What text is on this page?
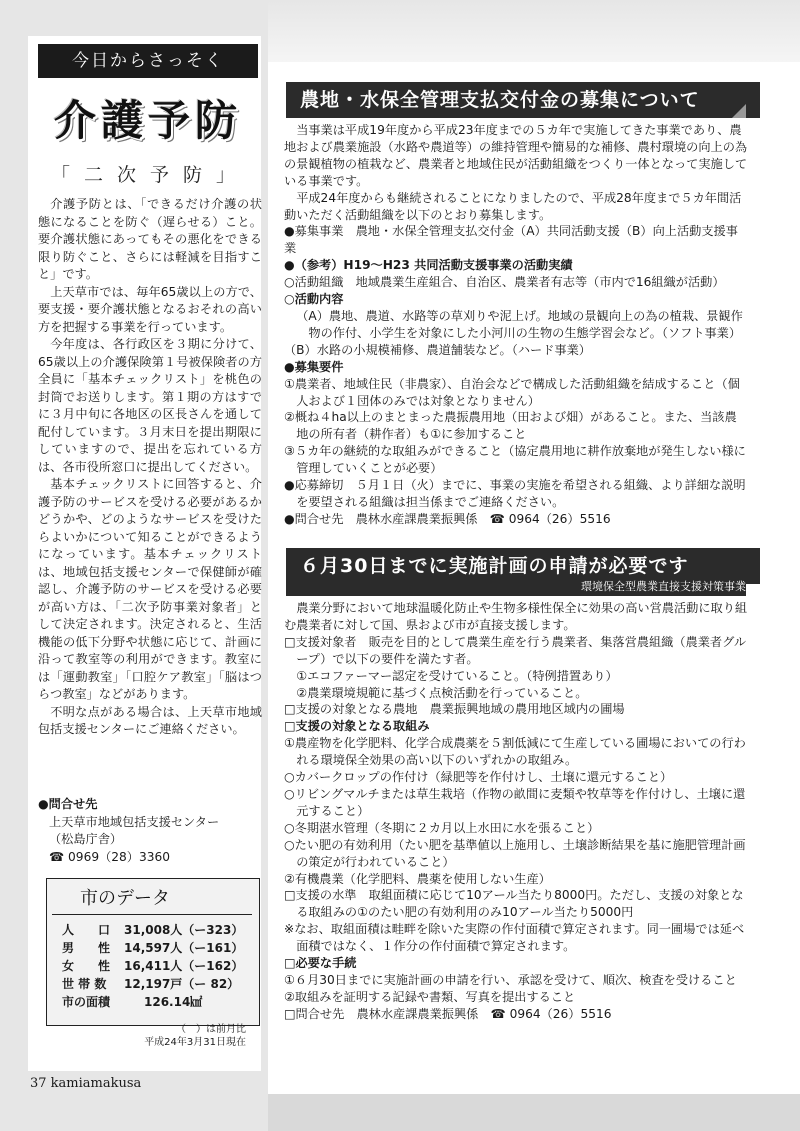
今日からさっそく
介護予防
「二次予防」

介護予防とは、「できるだけ介護の状態になることを防ぐ（遅らせる）こと。要介護状態にあってもその悪化をできる限り防ぐこと、さらには軽減を目指すこと」です。

上天草市では、毎年65歳以上の方で、要支援・要介護状態となるおそれの高い方を把握する事業を行っています。

今年度は、各行政区を３期に分けて、65歳以上の介護保険第１号被保険者の方全員に「基本チェックリスト」を桃色の封筒でお送りします。第１期の方はすでに３月中旬に各地区の区長さんを通して配付しています。３月末日を提出期限にしていますので、提出を忘れている方は、各市役所窓口に提出してください。

基本チェックリストに回答すると、介護予防のサービスを受ける必要があるかどうかや、どのようなサービスを受けたらよいかについて知ることができるようになっています。基本チェックリストは、地域包括支援センターで保健師が確認し、介護予防のサービスを受ける必要が高い方は、「二次予防事業対象者」として決定されます。決定されると、生活機能の低下分野や状態に応じて、計画に沿って教室等の利用ができます。教室には「運動教室」「口腔ケア教室」「脳はつらつ教室」などがあります。

不明な点がある場合は、上天草市地域包括支援センターにご連絡ください。

●問合せ先
上天草市地域包括支援センター
（松島庁舎）
☎ 0969（28）3360
市のデータ
人　　口 31,008人（ー323）
男　　性 14,597人（ー161）
女　　性 16,411人（ー162）
世 帯 数 12,197戸（ー 82）
市の面積	126.14㎢
（　）は前月比
平成24年3月31日現在
37 kamiamakusa
農地・水保全管理支払交付金の募集について
当事業は平成19年度から平成23年度までの５カ年で実施してきた事業であり、農地および農業施設（水路や農道等）の維持管理や簡易的な補修、農村環境の向上の為の景観植物の植栽など、農業者と地域住民が活動組織をつくり一体となって実施している事業です。
平成24年度からも継続されることになりましたので、平成28年度まで５カ年間活動いただく活動組織を以下のとおり募集します。
●募集事業　農地・水保全管理支払交付金（A）共同活動支援（B）向上活動支援事業
●（参考）H19～H23 共同活動支援事業の活動実績
○活動組織　地域農業生産組合、自治区、農業者有志等（市内で16組織が活動）
○活動内容
（A）農地、農道、水路等の草刈りや泥上げ。地域の景観向上の為の植栽、景観作物の作付、小学生を対象にした小河川の生物の生態学習会など。（ソフト事業）
（B）水路の小規模補修、農道舗装など。（ハード事業）
●募集要件
①農業者、地域住民（非農家）、自治会などで構成した活動組織を結成すること（個人および１団体のみでは対象となりません）
②概ね４ha以上のまとまった農振農用地（田および畑）があること。また、当該農地の所有者（耕作者）も①に参加すること
③５カ年の継続的な取組みができること（協定農用地に耕作放棄地が発生しない様に管理していくことが必要）
●応募締切　５月１日（火）までに、事業の実施を希望される組織、より詳細な説明を要望される組織は担当係までご連絡ください。
●問合せ先　農林水産課農業振興係　☎ 0964（26）5516
６月30日までに実施計画の申請が必要です
環境保全型農業直接支援対策事業
農業分野において地球温暖化防止や生物多様性保全に効果の高い営農活動に取り組む農業者に対して国、県および市が直接支援します。
□支援対象者　販売を目的として農業生産を行う農業者、集落営農組織（農業者グループ）で以下の要件を満たす者。
①エコファーマー認定を受けていること。（特例措置あり）
②農業環境規範に基づく点検活動を行っていること。
□支援の対象となる農地　農業振興地域の農用地区域内の圃場
□支援の対象となる取組み
①農産物を化学肥料、化学合成農薬を５割低減にて生産している圃場においての行われる環境保全効果の高い以下のいずれかの取組み。
○カバークロップの作付け（緑肥等を作付けし、土壌に還元すること）
○リビングマルチまたは草生栽培（作物の畝間に麦類や牧草等を作付けし、土壌に還元すること）
○冬期湛水管理（冬期に２カ月以上水田に水を張ること）
○たい肥の有効利用（たい肥を基準値以上施用し、土壌診断結果を基に施肥管理計画の策定が行われていること）
②有機農業（化学肥料、農薬を使用しない生産）
□支援の水準　取組面積に応じて10アール当たり8000円。ただし、支援の対象となる取組みの①のたい肥の有効利用のみ10アール当たり5000円
※なお、取組面積は畦畔を除いた実際の作付面積で算定されます。同一圃場では延べ面積ではなく、１作分の作付面積で算定されます。
□必要な手続
①６月30日までに実施計画の申請を行い、承認を受けて、順次、検査を受けること
②取組みを証明する記録や書類、写真を提出すること
□問合せ先　農林水産課農業振興係　☎ 0964（26）5516
